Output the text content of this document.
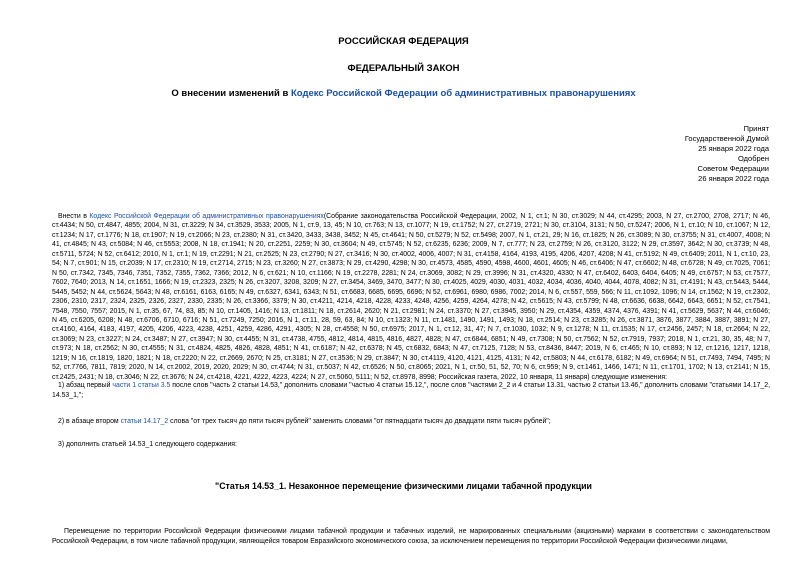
РОССИЙСКАЯ ФЕДЕРАЦИЯ
ФЕДЕРАЛЬНЫЙ ЗАКОН
О внесении изменений в Кодекс Российской Федерации об административных правонарушениях
Принят
Государственной Думой
25 января 2022 года
Одобрен
Советом Федерации
26 января 2022 года
Внести в Кодекс Российской Федерации об административных правонарушениях(Собрание законодательства Российской Федерации, 2002, N 1, ст.1; N 30, ст.3029; N 44, ст.4295; 2003, N 27, ст.2700, 2708, 2717; N 46, ст.4434; N 50, ст.4847, 4855; 2004, N 31, ст.3229; N 34, ст.3529, 3533; 2005, N 1, ст.9, 13, 45; N 10, ст.763; N 13, ст.1077; N 19, ст.1752; N 27, ст.2719, 2721; N 30, ст.3104, 3131; N 50, ст.5247; 2006, N 1, ст.10; N 10, ст.1067; N 12, ст.1234; N 17, ст.1776; N 18, ст.1907; N 19, ст.2066; N 23, ст.2380; N 31, ст.3420, 3433, 3438, 3452; N 45, ст.4641; N 50, ст.5279; N 52, ст.5498; 2007, N 1, ст.21, 29; N 16, ст.1825; N 26, ст.3089; N 30, ст.3755; N 31, ст.4007, 4008; N 41, ст.4845; N 43, ст.5084; N 46, ст.5553; 2008, N 18, ст.1941; N 20, ст.2251, 2259; N 30, ст.3604; N 49, ст.5745; N 52, ст.6235, 6236; 2009, N 7, ст.777; N 23, ст.2759; N 26, ст.3120, 3122; N 29, ст.3597, 3642; N 30, ст.3739; N 48, ст.5711, 5724; N 52, ст.6412; 2010, N 1, ст.1; N 19, ст.2291; N 21, ст.2525; N 23, ст.2790; N 27, ст.3416; N 30, ст.4002, 4006, 4007; N 31, ст.4158, 4164, 4193, 4195, 4206, 4207, 4208; N 41, ст.5192; N 49, ст.6409; 2011, N 1, ст.10, 23, 54; N 7, ст.901; N 15, ст.2039; N 17, ст.2310; N 19, ст.2714, 2715; N 23, ст.3260; N 27, ст.3873; N 29, ст.4290, 4298; N 30, ст.4573, 4585, 4590, 4598, 4600, 4601, 4605; N 46, ст.6406; N 47, ст.6602; N 48, ст.6728; N 49, ст.7025, 7061; N 50, ст.7342, 7345, 7346, 7351, 7352, 7355, 7362, 7366; 2012, N 6, ст.621; N 10, ст.1166; N 19, ст.2278, 2281; N 24, ст.3069, 3082; N 29, ст.3996; N 31, ст.4320, 4330; N 47, ст.6402, 6403, 6404, 6405; N 49, ст.6757; N 53, ст.7577, 7602, 7640; 2013, N 14, ст.1651, 1666; N 19, ст.2323, 2325; N 26, ст.3207, 3208, 3209; N 27, ст.3454, 3469, 3470, 3477; N 30, ст.4025, 4029, 4030, 4031, 4032, 4034, 4036, 4040, 4044, 4078, 4082; N 31, ст.4191; N 43, ст.5443, 5444, 5445, 5452; N 44, ст.5624, 5643; N 48, ст.6161, 6163, 6165; N 49, ст.6327, 6341, 6343; N 51, ст.6683, 6685, 6695, 6696; N 52, ст.6961, 6980, 6986, 7002; 2014, N 6, ст.557, 559, 566; N 11, ст.1092, 1096; N 14, ст.1562; N 19, ст.2302, 2306, 2310, 2317, 2324, 2325, 2326, 2327, 2330, 2335; N 26, ст.3366, 3379; N 30, ст.4211, 4214, 4218, 4228, 4233, 4248, 4256, 4259, 4264, 4278; N 42, ст.5615; N 43, ст.5799; N 48, ст.6636, 6638, 6642, 6643, 6651; N 52, ст.7541, 7548, 7550, 7557; 2015, N 1, ст.35, 67, 74, 83, 85; N 10, ст.1405, 1416; N 13, ст.1811; N 18, ст.2614, 2620; N 21, ст.2981; N 24, ст.3370; N 27, ст.3945, 3950; N 29, ст.4354, 4359, 4374, 4376, 4391; N 41, ст.5629, 5637; N 44, ст.6046; N 45, ст.6205, 6208; N 48, ст.6706, 6710, 6716; N 51, ст.7249, 7250; 2016, N 1, ст.11, 28, 59, 63, 84; N 10, ст.1323; N 11, ст.1481, 1490, 1491, 1493; N 18, ст.2514; N 23, ст.3285; N 26, ст.3871, 3876, 3877, 3884, 3887, 3891; N 27, ст.4160, 4164, 4183, 4197, 4205, 4206, 4223, 4238, 4251, 4259, 4286, 4291, 4305; N 28, ст.4558; N 50, ст.6975; 2017, N 1, ст.12, 31, 47; N 7, ст.1030, 1032; N 9, ст.1278; N 11, ст.1535; N 17, ст.2456, 2457; N 18, ст.2664; N 22, ст.3069; N 23, ст.3227; N 24, ст.3487; N 27, ст.3947; N 30, ст.4455; N 31, ст.4738, 4755, 4812, 4814, 4815, 4816, 4827, 4828; N 47, ст.6844, 6851; N 49, ст.7308; N 50, ст.7562; N 52, ст.7919, 7937; 2018, N 1, ст.21, 30, 35, 48; N 7, ст.973; N 18, ст.2562; N 30, ст.4555; N 31, ст.4824, 4825, 4826, 4828, 4851; N 41, ст.6187; N 42, ст.6378; N 45, ст.6832, 6843; N 47, ст.7125, 7128; N 53, ст.8436, 8447; 2019, N 6, ст.465; N 10, ст.893; N 12, ст.1216, 1217, 1218, 1219; N 16, ст.1819, 1820, 1821; N 18, ст.2220; N 22, ст.2669, 2670; N 25, ст.3181; N 27, ст.3536; N 29, ст.3847; N 30, ст.4119, 4120, 4121, 4125, 4131; N 42, ст.5803; N 44, ст.6178, 6182; N 49, ст.6964; N 51, ст.7493, 7494, 7495; N 52, ст.7766, 7811, 7819; 2020, N 14, ст.2002, 2019, 2020, 2029; N 30, ст.4744; N 31, ст.5037; N 42, ст.6526; N 50, ст.8065; 2021, N 1, ст.50, 51, 52, 70; N 6, ст.959; N 9, ст.1461, 1466, 1471; N 11, ст.1701, 1702; N 13, ст.2141; N 15, ст.2425, 2431; N 18, ст.3046; N 22, ст.3676; N 24, ст.4218, 4221, 4222, 4223, 4224; N 27, ст.5060, 5111; N 52, ст.8978, 8998; Российская газета, 2022, 10 января, 11 января) следующие изменения:
1) абзац первый части 1 статьи 3.5 после слов "часть 2 статьи 14.53," дополнить словами "частью 4 статьи 15.12,", после слов "частями 2_2 и 4 статьи 13.31, частью 2 статьи 13.46," дополнить словами "статьями 14.17_2, 14.53_1,";
2) в абзаце втором статьи 14.17_2 слова "от трех тысяч до пяти тысяч рублей" заменить словами "от пятнадцати тысяч до двадцати пяти тысяч рублей";
3) дополнить статьей 14.53_1 следующего содержания:
"Статья 14.53_1. Незаконное перемещение физическими лицами табачной продукции
Перемещение по территории Российской Федерации физическими лицами табачной продукции и табачных изделий, не маркированных специальными (акцизными) марками в соответствии с законодательством Российской Федерации, в том числе табачной продукции, являющейся товаром Евразийского экономического союза, за исключением перемещения по территории Российской Федерации физическими лицами,
